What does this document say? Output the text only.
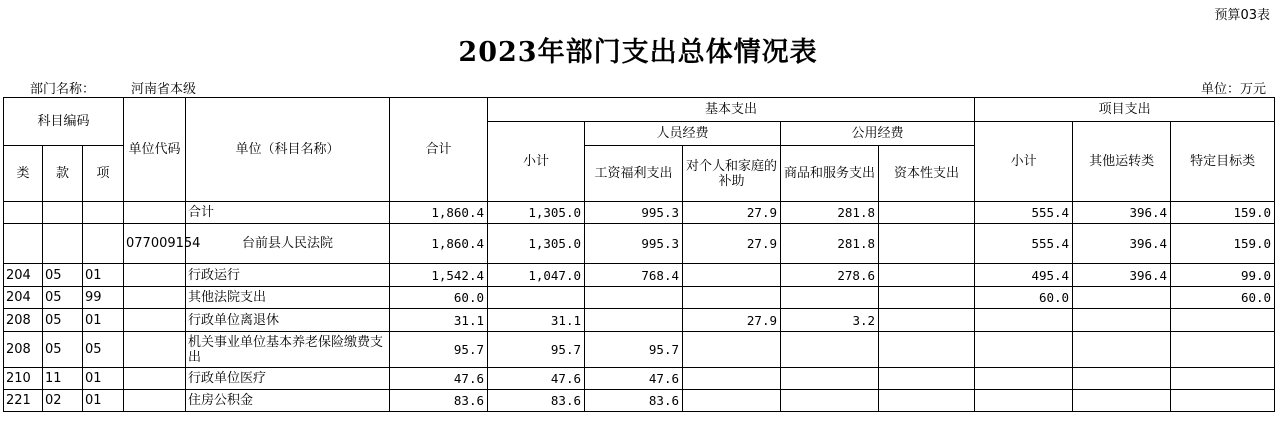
预算03表
2023年部门支出总体情况表
部门名称：	河南省本级	单位：万元
科目编码			单位代码	单位（科目名称）	合计	基本支出					项目支出		
						小计	人员经费		公用经费		小计	其他运转类	特定目标类
类	款	项					工资福利支出	对个人和家庭的补助	商品和服务支出	资本性支出			

				合计	1,860.4	1,305.0	995.3	27.9	281.8		555.4	396.4	159.0
			077009154	台前县人民法院	1,860.4	1,305.0	995.3	27.9	281.8		555.4	396.4	159.0
204	05	01		行政运行	1,542.4	1,047.0	768.4		278.6		495.4	396.4	99.0
204	05	99		其他法院支出	60.0						60.0		60.0
208	05	01		行政单位离退休	31.1	31.1		27.9	3.2				
208	05	05		机关事业单位基本养老保险缴费支出	95.7	95.7	95.7						
210	11	01		行政单位医疗	47.6	47.6	47.6						
221	02	01		住房公积金	83.6	83.6	83.6						
